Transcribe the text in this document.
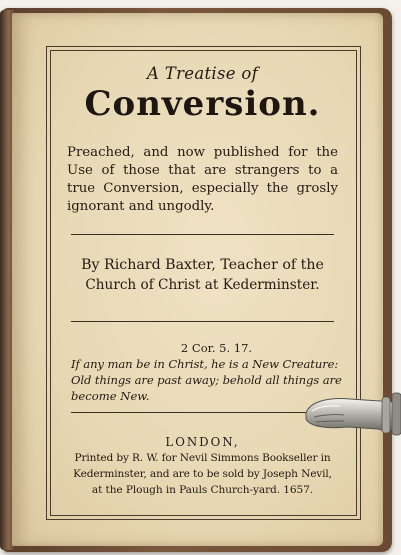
A Treatise of
Conversion.
Preached, and now published for the Use of those that are strangers to a true Conversion, especially the grosly ignorant and ungodly.
By Richard Baxter, Teacher of the
Church of Christ at Kederminster.
2 Cor. 5. 17.
If any man be in Christ, he is a New Creature:
Old things are past away; behold all things are
become New.
LONDON,
Printed by R. W. for Nevil Simmons Bookseller in
Kederminster, and are to be sold by Joseph Nevil,
at the Plough in Pauls Church-yard. 1657.
